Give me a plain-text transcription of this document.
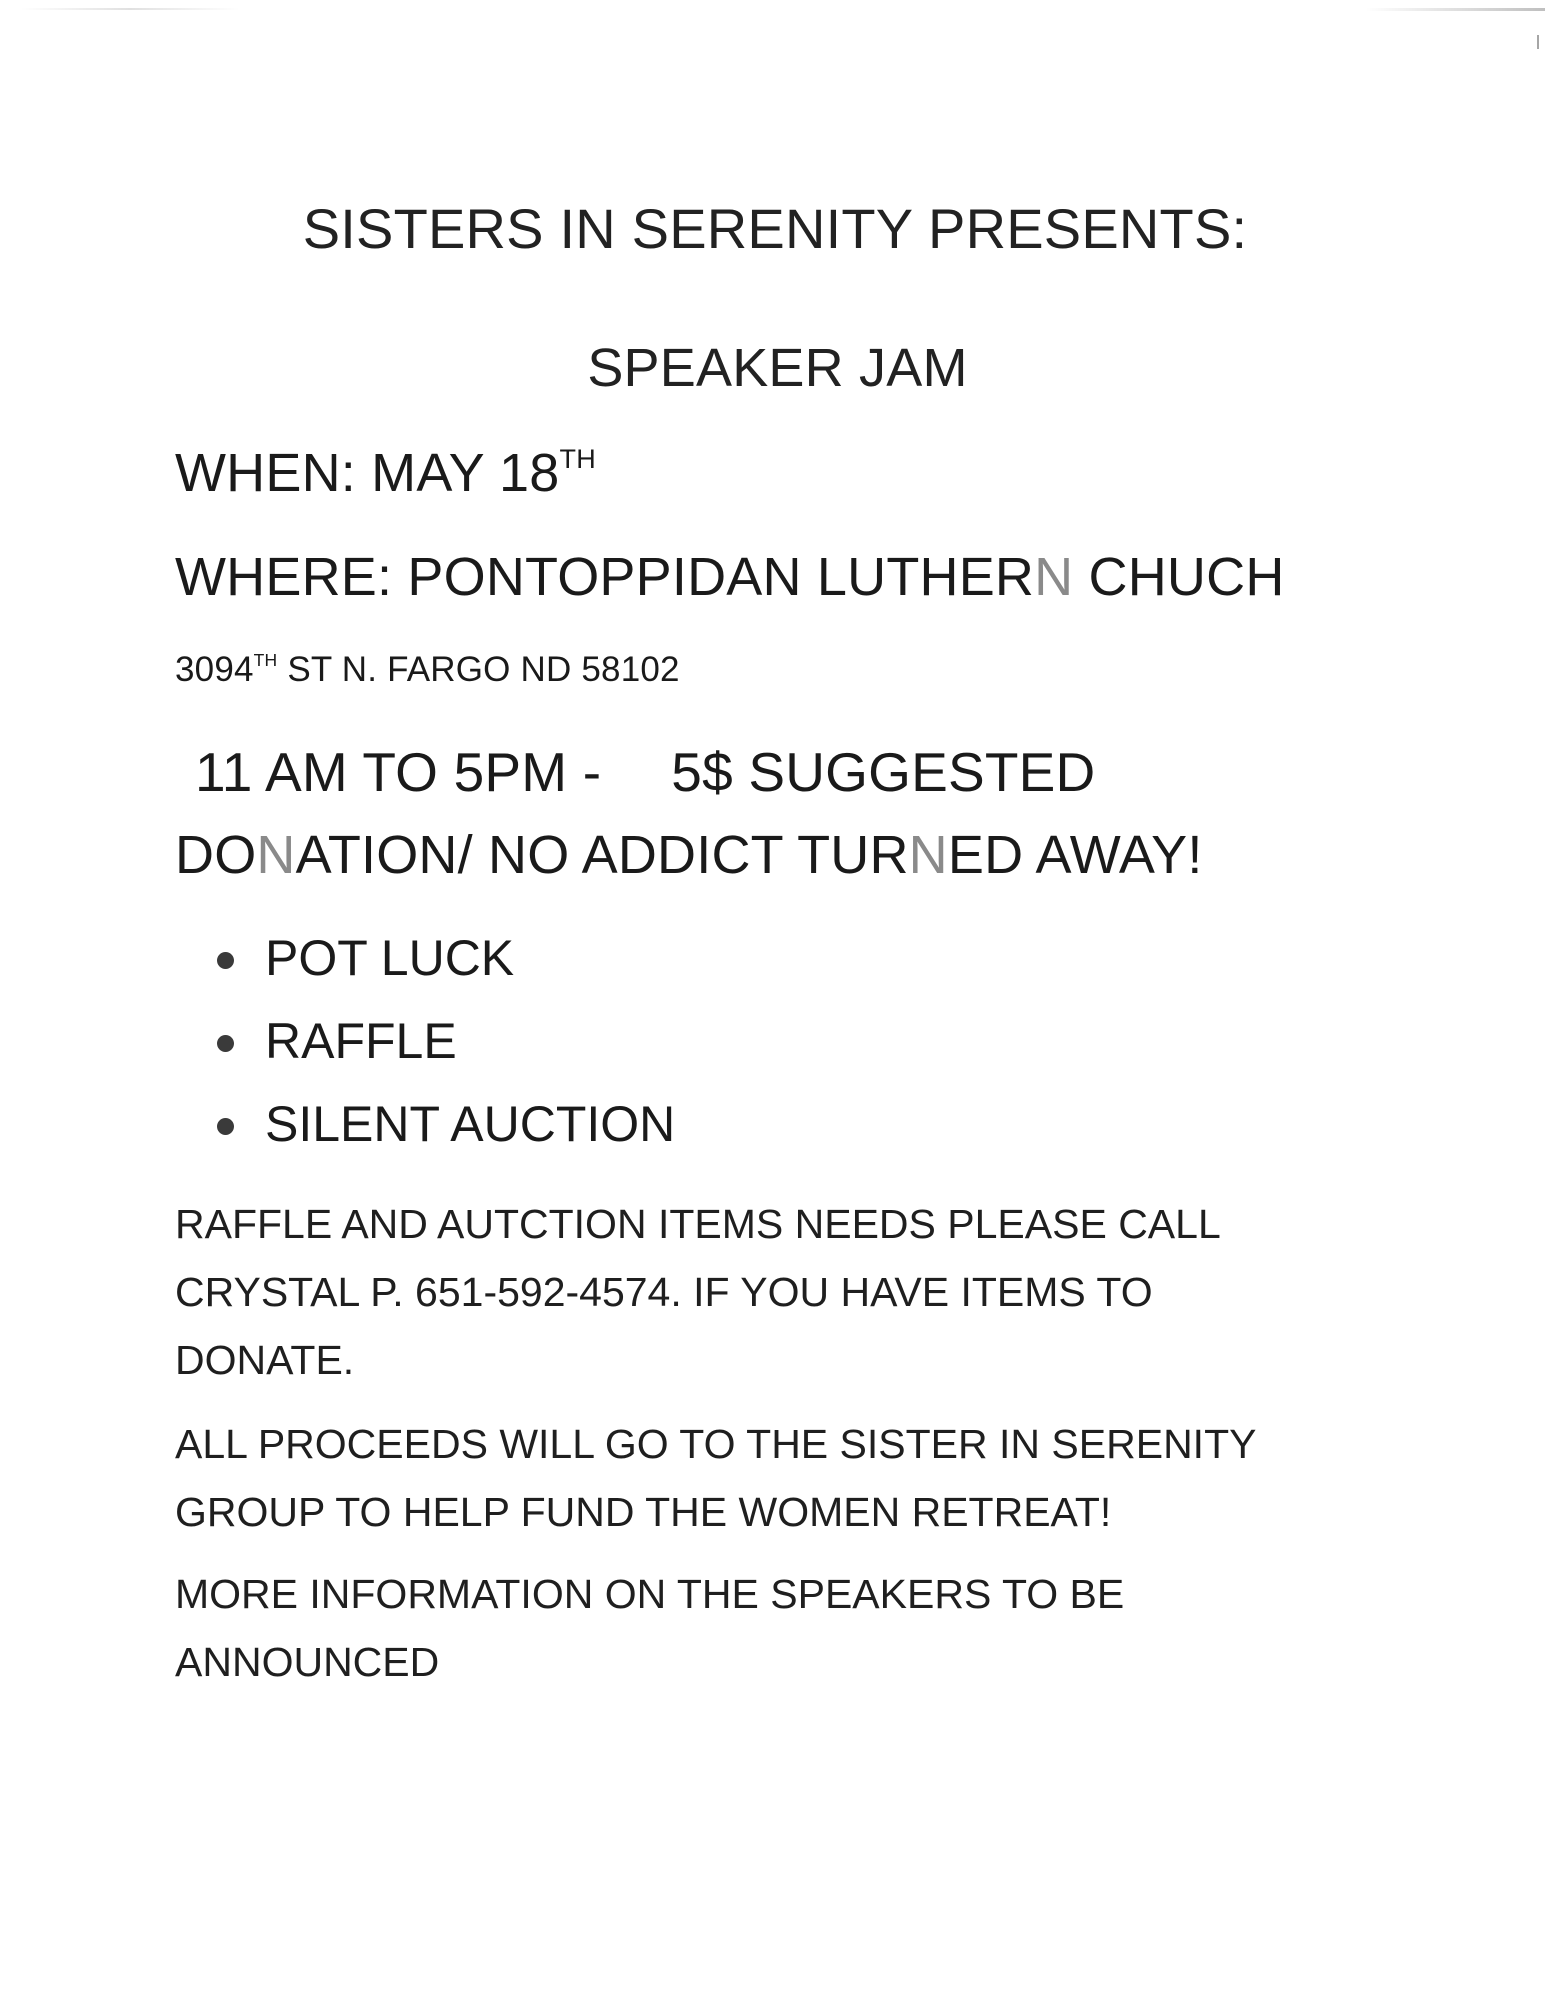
SISTERS IN SERENITY PRESENTS:
SPEAKER JAM
WHEN: MAY 18TH
WHERE: PONTOPPIDAN LUTHERN CHUCH
3094TH ST N. FARGO ND 58102
11 AM TO 5PM - 5$ SUGGESTED
DONATION/ NO ADDICT TURNED AWAY!
POT LUCK
RAFFLE
SILENT AUCTION
RAFFLE AND AUTCTION ITEMS NEEDS PLEASE CALL
CRYSTAL P. 651-592-4574. IF YOU HAVE ITEMS TO
DONATE.
ALL PROCEEDS WILL GO TO THE SISTER IN SERENITY
GROUP TO HELP FUND THE WOMEN RETREAT!
MORE INFORMATION ON THE SPEAKERS TO BE
ANNOUNCED
